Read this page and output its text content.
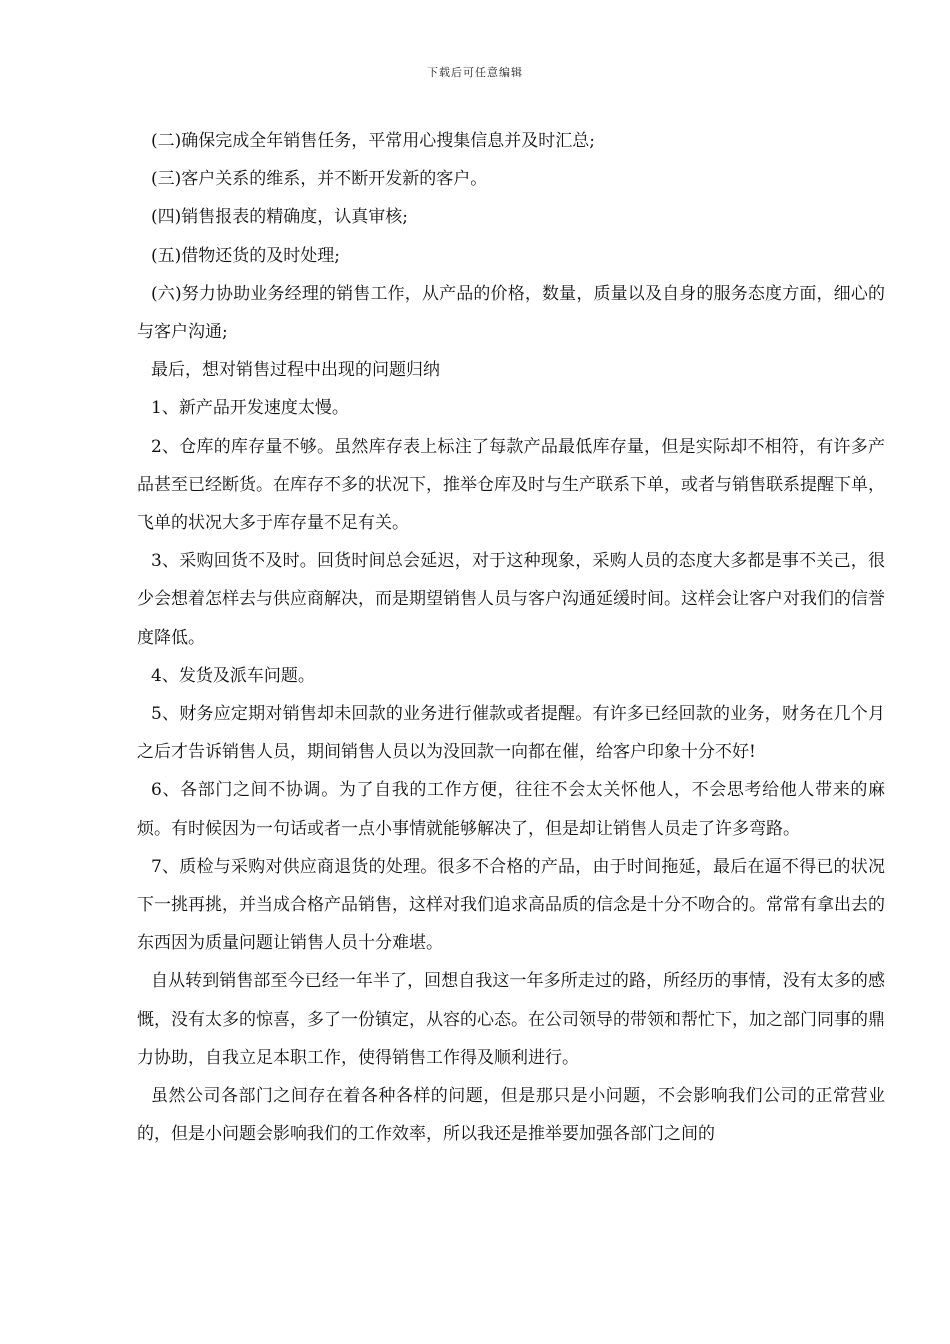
下载后可任意编辑

(二)确保完成全年销售任务，平常用心搜集信息并及时汇总;

(三)客户关系的维系，并不断开发新的客户。

(四)销售报表的精确度，认真审核;

(五)借物还货的及时处理;

(六)努力协助业务经理的销售工作，从产品的价格，数量，质量以及自身的服务态度方面，细心的与客户沟通;

最后，想对销售过程中出现的问题归纳

1、新产品开发速度太慢。

2、仓库的库存量不够。虽然库存表上标注了每款产品最低库存量，但是实际却不相符，有许多产品甚至已经断货。在库存不多的状况下，推举仓库及时与生产联系下单，或者与销售联系提醒下单，飞单的状况大多于库存量不足有关。

3、采购回货不及时。回货时间总会延迟，对于这种现象，采购人员的态度大多都是事不关己，很少会想着怎样去与供应商解决，而是期望销售人员与客户沟通延缓时间。这样会让客户对我们的信誉度降低。

4、发货及派车问题。

5、财务应定期对销售却未回款的业务进行催款或者提醒。有许多已经回款的业务，财务在几个月之后才告诉销售人员，期间销售人员以为没回款一向都在催，给客户印象十分不好!

6、各部门之间不协调。为了自我的工作方便，往往不会太关怀他人，不会思考给他人带来的麻烦。有时候因为一句话或者一点小事情就能够解决了，但是却让销售人员走了许多弯路。

7、质检与采购对供应商退货的处理。很多不合格的产品，由于时间拖延，最后在逼不得已的状况下一挑再挑，并当成合格产品销售，这样对我们追求高品质的信念是十分不吻合的。常常有拿出去的东西因为质量问题让销售人员十分难堪。

自从转到销售部至今已经一年半了，回想自我这一年多所走过的路，所经历的事情，没有太多的感慨，没有太多的惊喜，多了一份镇定，从容的心态。在公司领导的带领和帮忙下，加之部门同事的鼎力协助，自我立足本职工作，使得销售工作得及顺利进行。

虽然公司各部门之间存在着各种各样的问题，但是那只是小问题，不会影响我们公司的正常营业的，但是小问题会影响我们的工作效率，所以我还是推举要加强各部门之间的
